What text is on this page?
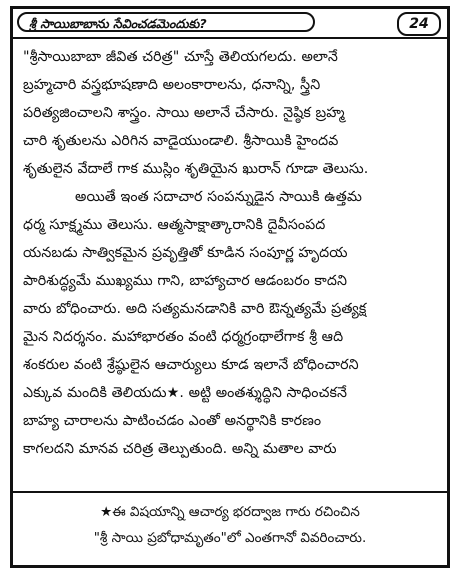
శ్రీ సాయిబాబాను సేవించడమెందుకు?	24
"శ్రీసాయిబాబా జీవిత చరిత్ర" చూస్తే తెలియగలదు. అలానే
బ్రహ్మచారి వస్త్రభూషణాది అలంకారాలను, ధనాన్ని, స్త్రీని
పరిత్యజించాలని శాస్త్రం. సాయి అలానే చేసారు. నైష్ఠిక బ్రహ్మ
చారి శృతులను ఎరిగిన వాడైయుండాలి. శ్రీసాయికి హైందవ
శృతులైన వేదాలే గాక ముస్లిం శృతియైన ఖురాన్ గూడా తెలుసు.
అయితే ఇంత సదాచార సంపన్నుడైన సాయికి ఉత్తమ
ధర్మ సూక్ష్మము తెలుసు. ఆత్మసాక్షాత్కారానికి దైవీసంపద
యనబడు సాత్వికమైన ప్రవృత్తితో కూడిన సంపూర్ణ హృదయ
పారిశుద్ధ్యమే ముఖ్యము గాని, బాహ్యాచార ఆడంబరం కాదని
వారు బోధించారు. అది సత్యమనడానికి వారి ఔన్నత్యమే ప్రత్యక్ష
మైన నిదర్శనం. మహాభారతం వంటి ధర్మగ్రంథాలేగాక శ్రీ ఆది
శంకరుల వంటి శ్రేష్ఠులైన ఆచార్యులు కూడ ఇలానే బోధించారని
ఎక్కువ మందికి తెలియదు★. అట్టి అంతశ్శుద్ధిని సాధించకనే
బాహ్య చారాలను పాటించడం ఎంతో అనర్థానికి కారణం
కాగలదని మానవ చరిత్ర తెల్పుతుంది. అన్ని మతాల వారు
★ఈ విషయాన్ని ఆచార్య భరద్వాజ గారు రచించిన
"శ్రీ సాయి ప్రబోధామృతం"లో ఎంతగానో వివరించారు.
